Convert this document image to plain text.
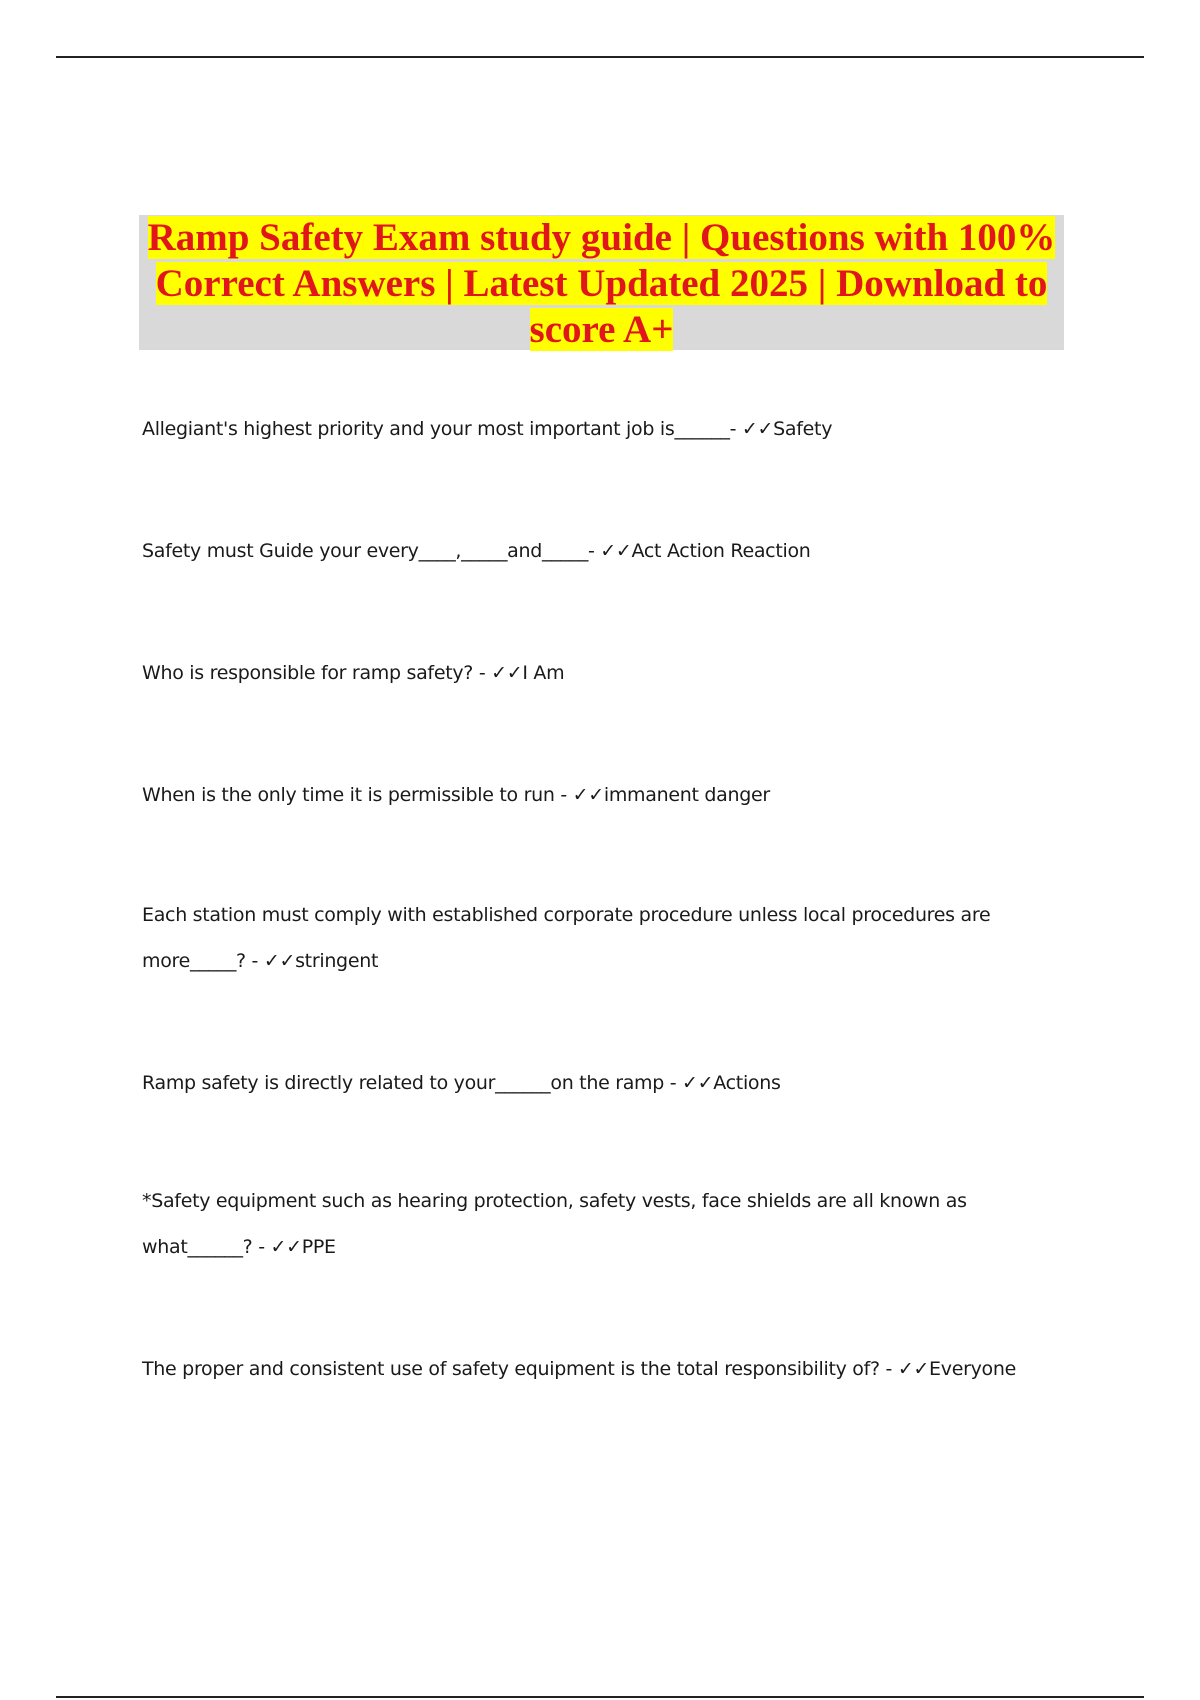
Ramp Safety Exam study guide | Questions with 100%
Correct Answers | Latest Updated 2025 | Download to
score A+

Allegiant's highest priority and your most important job is______- ✓✓Safety

Safety must Guide your every____,_____and_____- ✓✓Act Action Reaction

Who is responsible for ramp safety? - ✓✓I Am

When is the only time it is permissible to run - ✓✓immanent danger

Each station must comply with established corporate procedure unless local procedures are more_____? - ✓✓stringent

Ramp safety is directly related to your______on the ramp - ✓✓Actions

*Safety equipment such as hearing protection, safety vests, face shields are all known as what______? - ✓✓PPE

The proper and consistent use of safety equipment is the total responsibility of? - ✓✓Everyone
